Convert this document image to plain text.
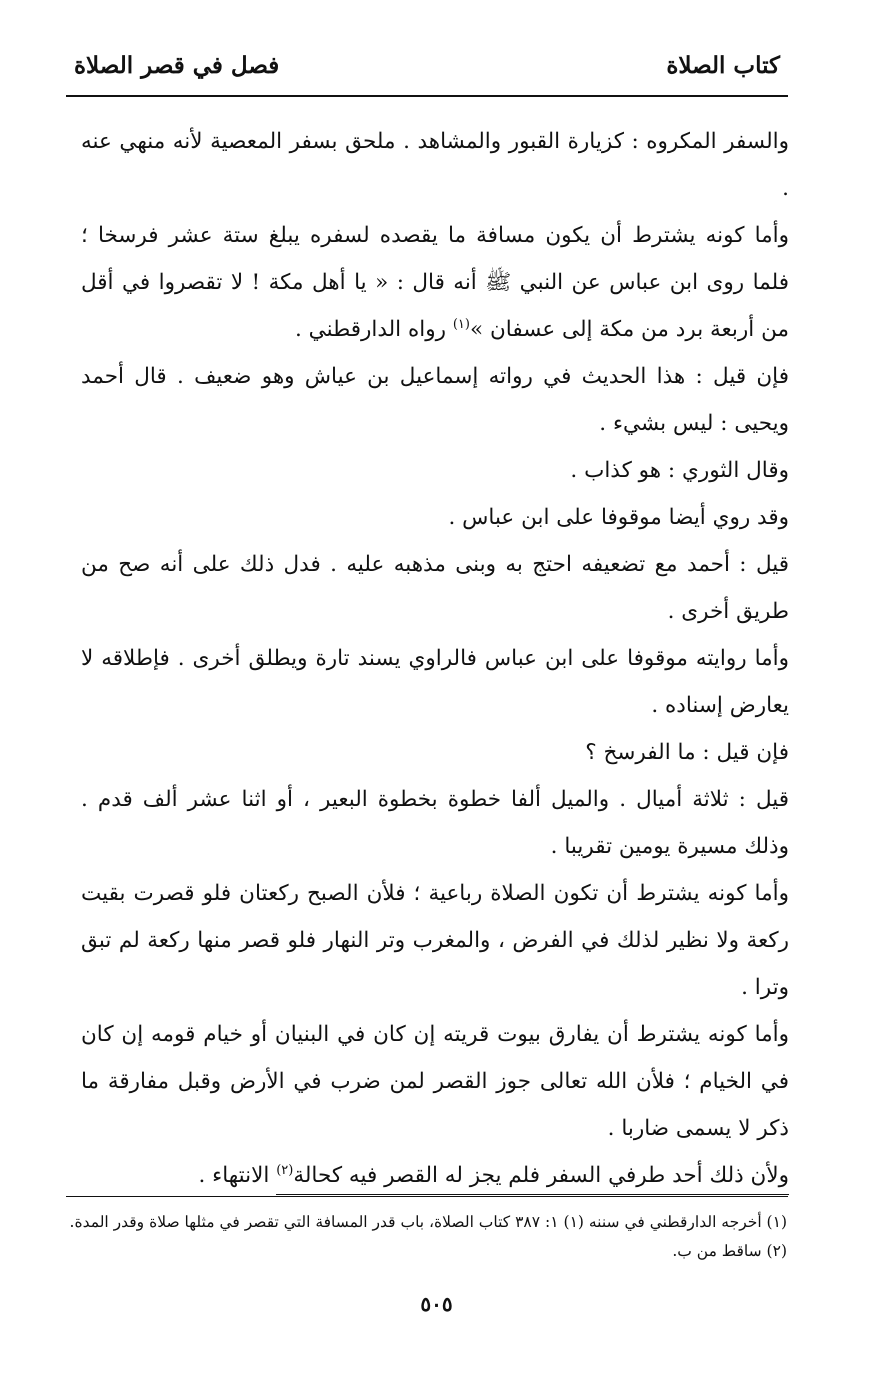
كتاب الصلاة
فصل في قصر الصلاة

والسفر المكروه : كزيارة القبور والمشاهد . ملحق بسفر المعصية لأنه منهي عنه .

وأما كونه يشترط أن يكون مسافة ما يقصده لسفره يبلغ ستة عشر فرسخا ؛ فلما روى ابن عباس عن النبي ﷺ أنه قال : « يا أهل مكة ! لا تقصروا في أقل من أربعة برد من مكة إلى عسفان »$^{(١)}$ رواه الدارقطني .

فإن قيل : هذا الحديث في رواته إسماعيل بن عياش وهو ضعيف . قال أحمد ويحيى : ليس بشيء .

وقال الثوري : هو كذاب .

وقد روي أيضا موقوفا على ابن عباس .

قيل : أحمد مع تضعيفه احتج به وبنى مذهبه عليه . فدل ذلك على أنه صح من طريق أخرى .

وأما روايته موقوفا على ابن عباس فالراوي يسند تارة ويطلق أخرى . فإطلاقه لا يعارض إسناده .

فإن قيل : ما الفرسخ ؟

قيل : ثلاثة أميال . والميل ألفا خطوة بخطوة البعير ، أو اثنا عشر ألف قدم . وذلك مسيرة يومين تقريبا .

وأما كونه يشترط أن تكون الصلاة رباعية ؛ فلأن الصبح ركعتان فلو قصرت بقيت ركعة ولا نظير لذلك في الفرض ، والمغرب وتر النهار فلو قصر منها ركعة لم تبق وترا .

وأما كونه يشترط أن يفارق بيوت قريته إن كان في البنيان أو خيام قومه إن كان في الخيام ؛ فلأن الله تعالى جوز القصر لمن ضرب في الأرض وقبل مفارقة ما ذكر لا يسمى ضاربا .

ولأن ذلك أحد طرفي السفر فلم يجز له القصر فيه كحالة$^{(٢)}$ الانتهاء .

(١) أخرجه الدارقطني في سننه (١) ١: ٣٨٧ كتاب الصلاة، باب قدر المسافة التي تقصر في مثلها صلاة وقدر المدة.

(٢) ساقط من ب.

٥٠٥
